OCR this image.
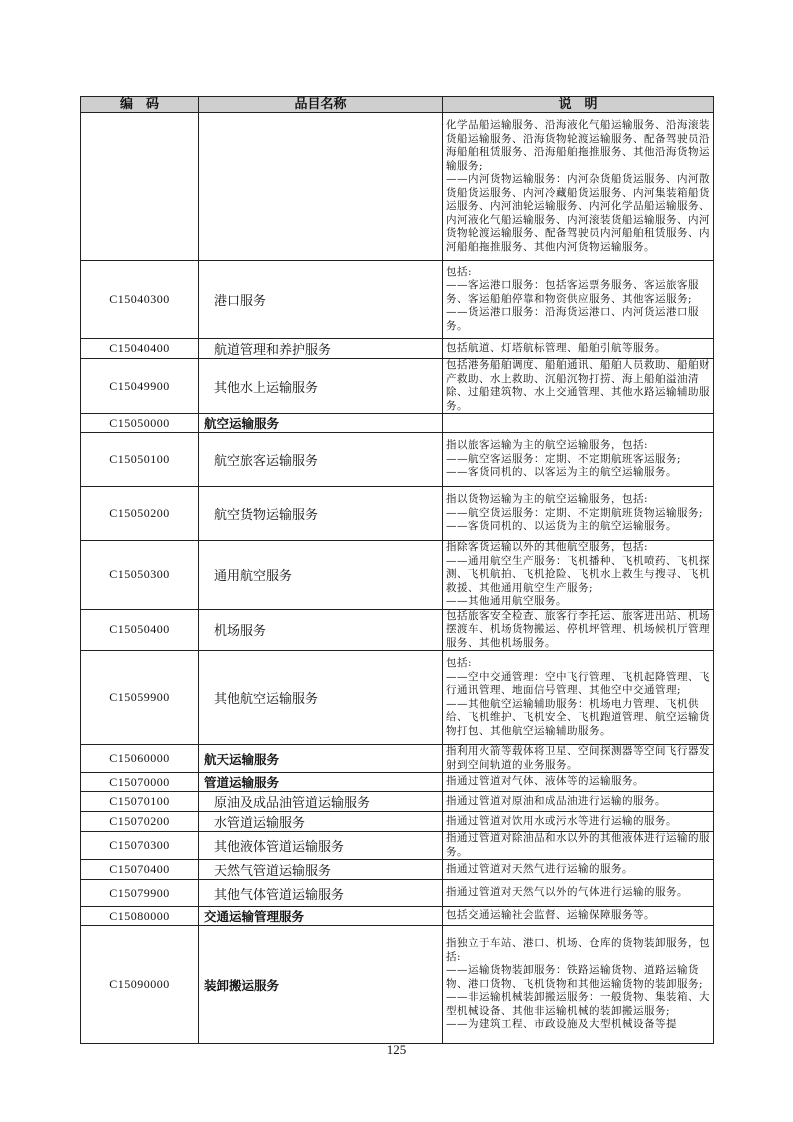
编　码	品目名称	说　明

		化学品船运输服务、沿海液化气船运输服务、沿海滚装货船运输服务、沿海货物轮渡运输服务、配备驾驶员沿海船舶租赁服务、沿海船舶拖推服务、其他沿海货物运输服务;

——内河货物运输服务：内河杂货船货运服务、内河散货船货运服务、内河冷藏船货运服务、内河集装箱船货运服务、内河油轮运输服务、内河化学品船运输服务、内河液化气船运输服务、内河滚装货船运输服务、内河货物轮渡运输服务、配备驾驶员内河船舶租赁服务、内河船舶拖推服务、其他内河货物运输服务。

C15040300	港口服务	包括:

——客运港口服务：包括客运票务服务、客运旅客服务、客运船舶停靠和物资供应服务、其他客运服务;

——货运港口服务：沿海货运港口、内河货运港口服务。

C15040400	航道管理和养护服务	包括航道、灯塔航标管理、船舶引航等服务。

C15049900	其他水上运输服务	包括港务船舶调度、船舶通讯、船舶人员救助、船舶财产救助、水上救助、沉船沉物打捞、海上船舶溢油清除、过船建筑物、水上交通管理、其他水路运输辅助服务。

C15050000	航空运输服务	

C15050100	航空旅客运输服务	指以旅客运输为主的航空运输服务，包括:

——航空客运服务：定期、不定期航班客运服务;

——客货同机的、以客运为主的航空运输服务。

C15050200	航空货物运输服务	指以货物运输为主的航空运输服务，包括:

——航空货运服务：定期、不定期航班货物运输服务;

——客货同机的、以运货为主的航空运输服务。

C15050300	通用航空服务	指除客货运输以外的其他航空服务，包括:

——通用航空生产服务：飞机播种、飞机喷药、飞机探测、飞机航拍、飞机抢险、飞机水上救生与搜寻、飞机救援、其他通用航空生产服务;

——其他通用航空服务。

C15050400	机场服务	包括旅客安全检查、旅客行李托运、旅客进出站、机场摆渡车、机场货物搬运、停机坪管理、机场候机厅管理服务、其他机场服务。

C15059900	其他航空运输服务	包括:

——空中交通管理：空中飞行管理、飞机起降管理、飞行通讯管理、地面信号管理、其他空中交通管理;

——其他航空运输辅助服务：机场电力管理、飞机供给、飞机维护、飞机安全、飞机跑道管理、航空运输货物打包、其他航空运输辅助服务。

C15060000	航天运输服务	指利用火箭等载体将卫星、空间探测器等空间飞行器发射到空间轨道的业务服务。

C15070000	管道运输服务	指通过管道对气体、液体等的运输服务。

C15070100	原油及成品油管道运输服务	指通过管道对原油和成品油进行运输的服务。

C15070200	水管道运输服务	指通过管道对饮用水或污水等进行运输的服务。

C15070300	其他液体管道运输服务	指通过管道对除油品和水以外的其他液体进行运输的服务。

C15070400	天然气管道运输服务	指通过管道对天然气进行运输的服务。

C15079900	其他气体管道运输服务	指通过管道对天然气以外的气体进行运输的服务。

C15080000	交通运输管理服务	包括交通运输社会监督、运输保障服务等。

C15090000	装卸搬运服务	指独立于车站、港口、机场、仓库的货物装卸服务，包括:

——运输货物装卸服务：铁路运输货物、道路运输货物、港口货物、飞机货物和其他运输货物的装卸服务;

——非运输机械装卸搬运服务：一般货物、集装箱、大型机械设备、其他非运输机械的装卸搬运服务;

——为建筑工程、市政设施及大型机械设备等提

125
